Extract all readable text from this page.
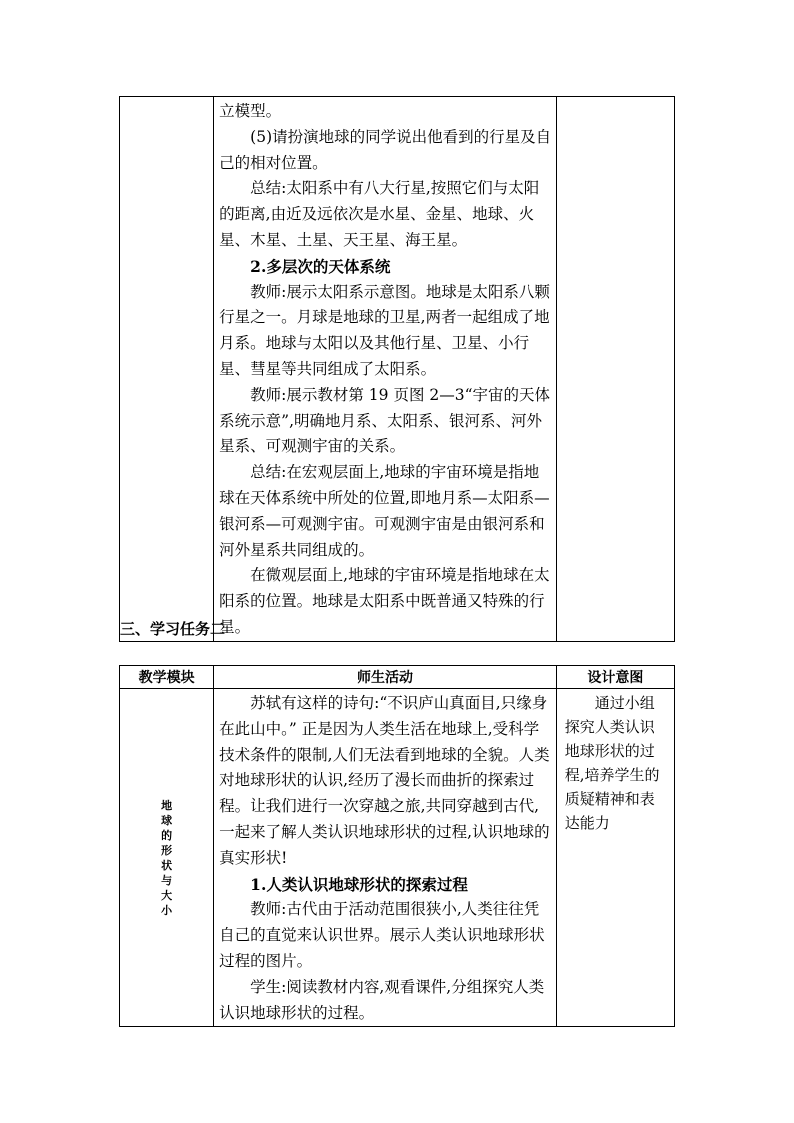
立模型。

(5)请扮演地球的同学说出他看到的行星及自己的相对位置。

总结:太阳系中有八大行星,按照它们与太阳的距离,由近及远依次是水星、金星、地球、火星、木星、土星、天王星、海王星。

2.多层次的天体系统

教师:展示太阳系示意图。地球是太阳系八颗行星之一。月球是地球的卫星,两者一起组成了地月系。地球与太阳以及其他行星、卫星、小行星、彗星等共同组成了太阳系。

教师:展示教材第 19 页图 2—3“宇宙的天体系统示意”,明确地月系、太阳系、银河系、河外星系、可观测宇宙的关系。

总结:在宏观层面上,地球的宇宙环境是指地球在天体系统中所处的位置,即地月系—太阳系—银河系—可观测宇宙。可观测宇宙是由银河系和河外星系共同组成的。

在微观层面上,地球的宇宙环境是指地球在太阳系的位置。地球是太阳系中既普通又特殊的行星。

三、学习任务二

教学模块	师生活动	设计意图
地球的形状与大小	苏轼有这样的诗句:“不识庐山真面目,只缘身在此山中。” 正是因为人类生活在地球上,受科学技术条件的限制,人们无法看到地球的全貌。人类对地球形状的认识,经历了漫长而曲折的探索过程。让我们进行一次穿越之旅,共同穿越到古代,一起来了解人类认识地球形状的过程,认识地球的真实形状!

1.人类认识地球形状的探索过程

教师:古代由于活动范围很狭小,人类往往凭自己的直觉来认识世界。展示人类认识地球形状过程的图片。

学生:阅读教材内容,观看课件,分组探究人类认识地球形状的过程。	通过小组探究人类认识地球形状的过程,培养学生的质疑精神和表达能力
